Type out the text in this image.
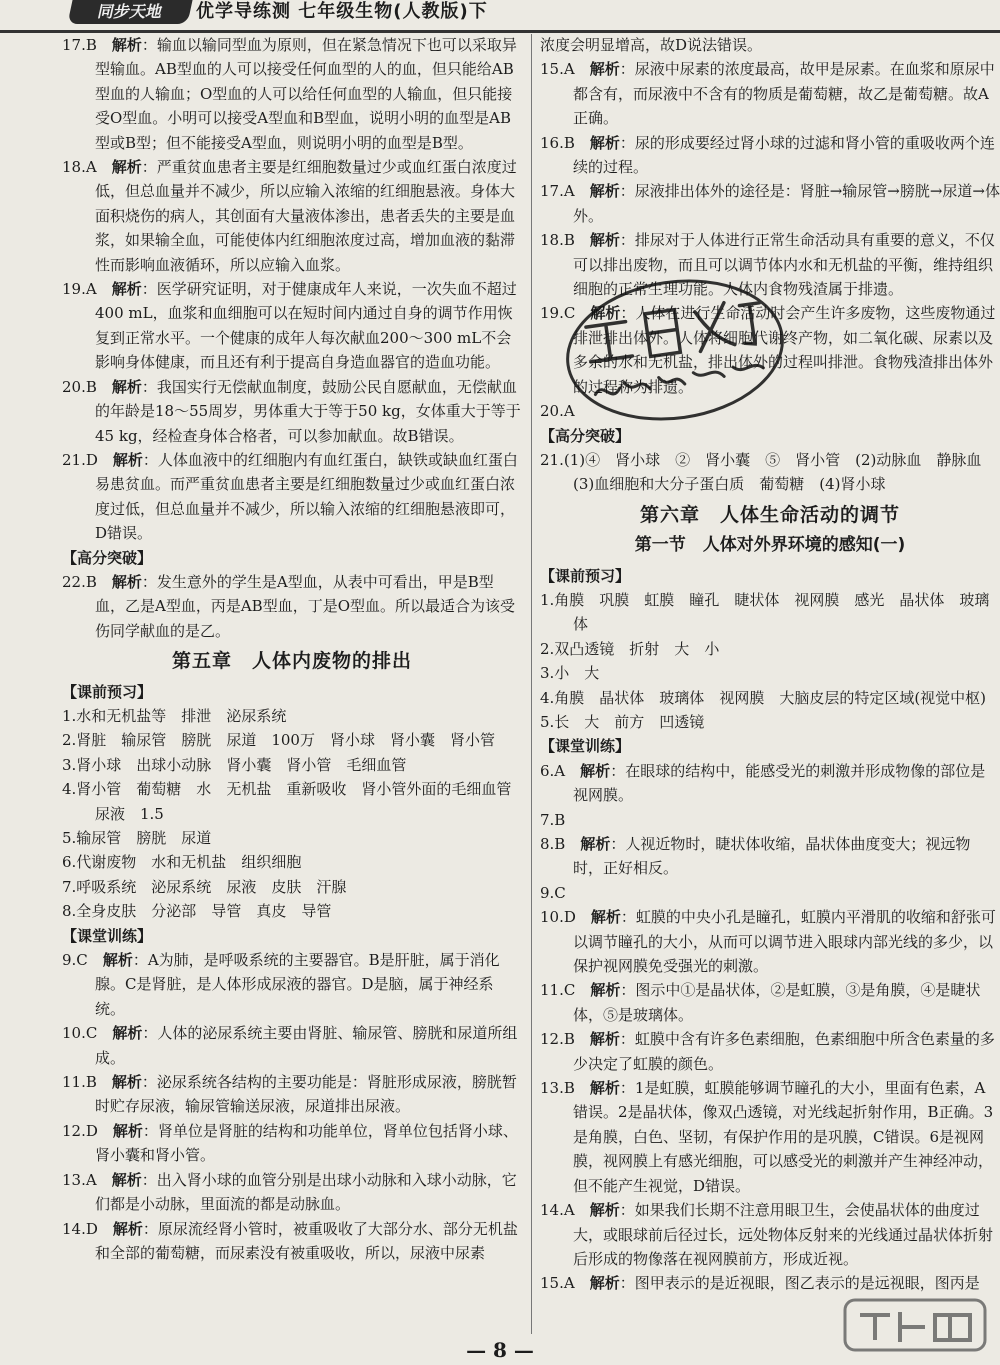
同步天地	优学导练测 七年级生物(人教版)下

17.B　 解析：输血以输同型血为原则，但在紧急情况下也可以采取异型输血。AB型血的人可以接受任何血型的人的血，但只能给AB型血的人输血；O型血的人可以给任何血型的人输血，但只能接受O型血。小明可以接受A型血和B型血，说明小明的血型是AB型或B型；但不能接受A型血，则说明小明的血型是B型。

18.A　 解析：严重贫血患者主要是红细胞数量过少或血红蛋白浓度过低，但总血量并不减少，所以应输入浓缩的红细胞悬液。身体大面积烧伤的病人，其创面有大量液体渗出，患者丢失的主要是血浆，如果输全血，可能使体内红细胞浓度过高，增加血液的黏滞性而影响血液循环，所以应输入血浆。

19.A　 解析：医学研究证明，对于健康成年人来说，一次失血不超过400 mL，血浆和血细胞可以在短时间内通过自身的调节作用恢复到正常水平。一个健康的成年人每次献血200～300 mL不会影响身体健康，而且还有利于提高自身造血器官的造血功能。

20.B　 解析：我国实行无偿献血制度，鼓励公民自愿献血，无偿献血的年龄是18～55周岁，男体重大于等于50 kg，女体重大于等于45 kg，经检查身体合格者，可以参加献血。故B错误。

21.D　 解析：人体血液中的红细胞内有血红蛋白，缺铁或缺血红蛋白易患贫血。而严重贫血患者主要是红细胞数量过少或血红蛋白浓度过低，但总血量并不减少，所以输入浓缩的红细胞悬液即可，D错误。

【高分突破】

22.B　 解析：发生意外的学生是A型血，从表中可看出，甲是B型血，乙是A型血，丙是AB型血，丁是O型血。所以最适合为该受伤同学献血的是乙。

第五章　人体内废物的排出

【课前预习】

1.水和无机盐等　排泄　泌尿系统

2.肾脏　输尿管　膀胱　尿道　100万　肾小球　肾小囊　肾小管

3.肾小球　出球小动脉　肾小囊　肾小管　毛细血管

4.肾小管　葡萄糖　水　无机盐　重新吸收　肾小管外面的毛细血管　尿液　1.5

5.输尿管　膀胱　尿道

6.代谢废物　水和无机盐　组织细胞

7.呼吸系统　泌尿系统　尿液　皮肤　汗腺

8.全身皮肤　分泌部　导管　真皮　导管

【课堂训练】

9.C　 解析：A为肺，是呼吸系统的主要器官。B是肝脏，属于消化腺。C是肾脏，是人体形成尿液的器官。D是脑，属于神经系统。

10.C　 解析：人体的泌尿系统主要由肾脏、输尿管、膀胱和尿道所组成。

11.B　 解析：泌尿系统各结构的主要功能是：肾脏形成尿液，膀胱暂时贮存尿液，输尿管输送尿液，尿道排出尿液。

12.D　 解析：肾单位是肾脏的结构和功能单位，肾单位包括肾小球、肾小囊和肾小管。

13.A　 解析：出入肾小球的血管分别是出球小动脉和入球小动脉，它们都是小动脉，里面流的都是动脉血。

14.D　 解析：原尿流经肾小管时，被重吸收了大部分水、部分无机盐和全部的葡萄糖，而尿素没有被重吸收，所以，尿液中尿素

浓度会明显增高，故D说法错误。

15.A　 解析：尿液中尿素的浓度最高，故甲是尿素。在血浆和原尿中都含有，而尿液中不含有的物质是葡萄糖，故乙是葡萄糖。故A正确。

16.B　 解析：尿的形成要经过肾小球的过滤和肾小管的重吸收两个连续的过程。

17.A　 解析：尿液排出体外的途径是：肾脏→输尿管→膀胱→尿道→体外。

18.B　 解析：排尿对于人体进行正常生命活动具有重要的意义，不仅可以排出废物，而且可以调节体内水和无机盐的平衡，维持组织细胞的正常生理功能。人体内食物残渣属于排遗。

19.C　 解析：人体在进行生命活动时会产生许多废物，这些废物通过排泄排出体外。人体将细胞代谢终产物，如二氧化碳、尿素以及多余的水和无机盐，排出体外的过程叫排泄。食物残渣排出体外的过程称为排遗。

20.A

【高分突破】

21.(1)④　肾小球　②　肾小囊　⑤　肾小管　(2)动脉血　静脉血　(3)血细胞和大分子蛋白质　葡萄糖　(4)肾小球

第六章　人体生命活动的调节
第一节　人体对外界环境的感知(一)

【课前预习】

1.角膜　巩膜　虹膜　瞳孔　睫状体　视网膜　感光　晶状体　玻璃体

2.双凸透镜　折射　大　小

3.小　大

4.角膜　晶状体　玻璃体　视网膜　大脑皮层的特定区域(视觉中枢)

5.长　大　前方　凹透镜

【课堂训练】

6.A　 解析：在眼球的结构中，能感受光的刺激并形成物像的部位是视网膜。

7.B

8.B　 解析：人视近物时，睫状体收缩，晶状体曲度变大；视远物时，正好相反。

9.C

10.D　 解析：虹膜的中央小孔是瞳孔，虹膜内平滑肌的收缩和舒张可以调节瞳孔的大小，从而可以调节进入眼球内部光线的多少，以保护视网膜免受强光的刺激。

11.C　 解析：图示中①是晶状体，②是虹膜，③是角膜，④是睫状体，⑤是玻璃体。

12.B　 解析：虹膜中含有许多色素细胞，色素细胞中所含色素量的多少决定了虹膜的颜色。

13.B　 解析：1是虹膜，虹膜能够调节瞳孔的大小，里面有色素，A错误。2是晶状体，像双凸透镜，对光线起折射作用，B正确。3是角膜，白色、坚韧，有保护作用的是巩膜，C错误。6是视网膜，视网膜上有感光细胞，可以感受光的刺激并产生神经冲动，但不能产生视觉，D错误。

14.A　 解析：如果我们长期不注意用眼卫生，会使晶状体的曲度过大，或眼球前后径过长，远处物体反射来的光线通过晶状体折射后形成的物像落在视网膜前方，形成近视。

15.A　 解析：图甲表示的是近视眼，图乙表示的是远视眼，图丙是

— 8 —
